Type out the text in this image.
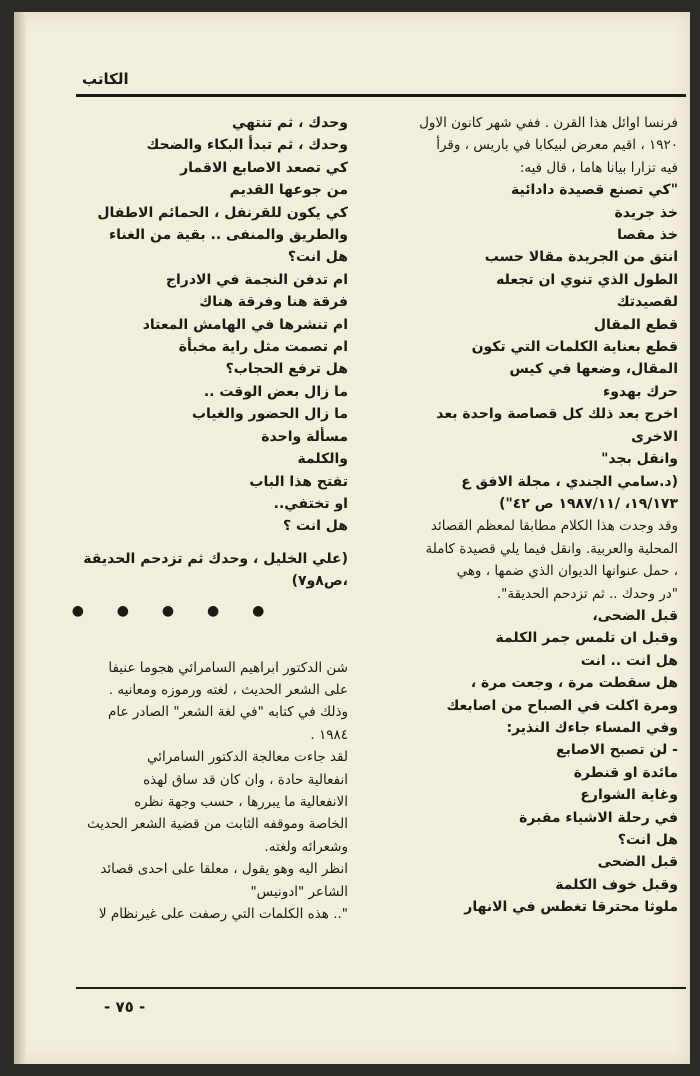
الكاتب
فرنسا اوائل هذا القرن . ففي شهر كانون الاول
١٩٢٠ ، اقيم معرض لبيكابا في باريس ، وقرأ
فيه تزارا بيانا هاما ، قال فيه:
"كي تصنع قصيدة دادائية
خذ جريدة
خذ مقصا
انتق من الجريدة مقالا حسب
الطول الذي تنوي ان تجعله
لقصيدتك
قطع المقال
قطع بعناية الكلمات التي تكون
المقال، وضعها في كيس
حرك بهدوء
اخرج بعد ذلك كل قصاصة واحدة بعد
الاخرى
وانقل بجد"
(د.سامي الجندي ، مجلة الافق ع
١٩/١٧٣، /١٩٨٧/١١ ص ٤٢")
وقد وجدت هذا الكلام مطابقا لمعظم القصائد
المحلية والعربية. وانقل فيما يلي قصيدة كاملة
، حمل عنوانها الديوان الذي ضمها ، وهي
"در وحدك .. ثم تزدحم الحديقة".
قبل الضحى،
وقبل ان تلمس جمر الكلمة
هل انت .. انت
هل سقطت مرة ، وجعت مرة ،
ومرة اكلت في الصباح من اصابعك
وفي المساء جاءك النذير:
- لن تصبح الاصابع
مائدة او قنطرة
وغاية الشوارع
في رحلة الاشياء مقبرة
هل انت؟
قبل الضحى
وقبل خوف الكلمة
ملوثا محترقا تغطس في الانهار
وحدك ، ثم تنتهي
وحدك ، ثم تبدأ البكاء والضحك
كي تصعد الاصابع الاقمار
من جوعها القديم
كي يكون للقرنفل ، الحمائم الاطفال
والطريق والمنفى .. بقية من الغناء
هل انت؟
ام تدفن النجمة في الادراج
فرقة هنا وفرقة هناك
ام تنشرها في الهامش المعتاد
ام تصمت مثل راية مخبأة
هل ترفع الحجاب؟
ما زال بعض الوقت ..
ما زال الحضور والغياب
مسألة واحدة
والكلمة
تفتح هذا الباب
او تختفي..
هل انت ؟
(علي الخليل ، وحدك ثم تزدحم الحديقة
،ص٨و٧)
● ● ● ● ●
شن الدكتور ابراهيم السامرائي هجوما عنيفا
على الشعر الحديث ، لغته ورموزه ومعانيه .
وذلك في كتابه "في لغة الشعر" الصادر عام
١٩٨٤ .
لقد جاءت معالجة الدكتور السامرائي
انفعالية حادة ، وان كان قد ساق لهذه
الانفعالية ما يبررها ، حسب وجهة نظره
الخاصة وموقفه الثابت من قضية الشعر الحديث
وشعرائه ولغته.
انظر اليه وهو يقول ، معلقا على احدى قصائد
الشاعر "ادونيس"
".. هذه الكلمات التي رصفت على غيرنظام لا
- ٧٥ -
